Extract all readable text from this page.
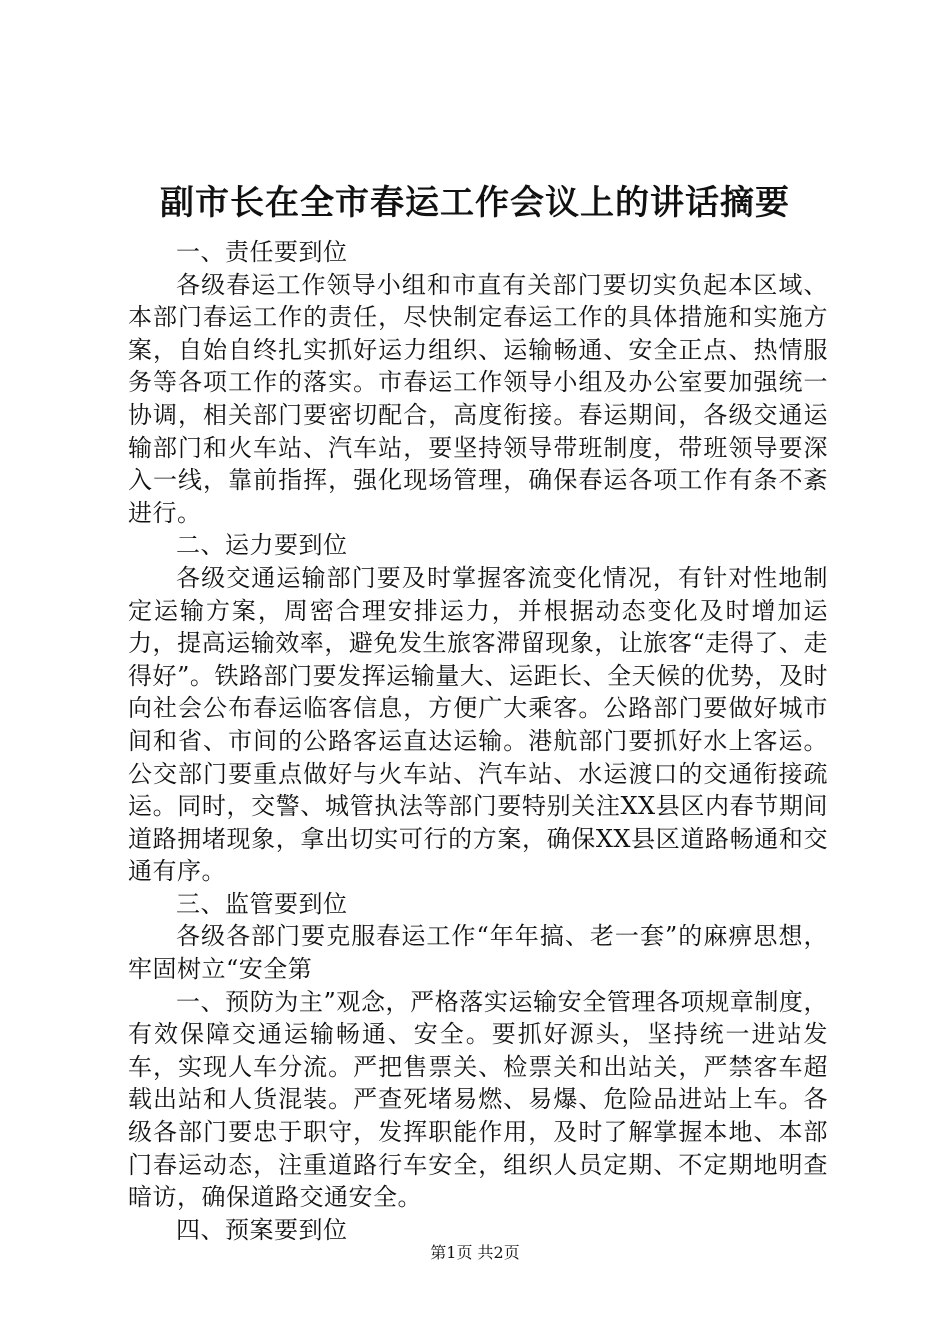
副市长在全市春运工作会议上的讲话摘要

一、责任要到位

各级春运工作领导小组和市直有关部门要切实负起本区域、本部门春运工作的责任，尽快制定春运工作的具体措施和实施方案，自始自终扎实抓好运力组织、运输畅通、安全正点、热情服务等各项工作的落实。市春运工作领导小组及办公室要加强统一协调，相关部门要密切配合，高度衔接。春运期间，各级交通运输部门和火车站、汽车站，要坚持领导带班制度，带班领导要深入一线，靠前指挥，强化现场管理，确保春运各项工作有条不紊进行。

二、运力要到位

各级交通运输部门要及时掌握客流变化情况，有针对性地制定运输方案，周密合理安排运力，并根据动态变化及时增加运力，提高运输效率，避免发生旅客滞留现象，让旅客“走得了、走得好”。铁路部门要发挥运输量大、运距长、全天候的优势，及时向社会公布春运临客信息，方便广大乘客。公路部门要做好城市间和省、市间的公路客运直达运输。港航部门要抓好水上客运。公交部门要重点做好与火车站、汽车站、水运渡口的交通衔接疏运。同时，交警、城管执法等部门要特别关注XX县区内春节期间道路拥堵现象，拿出切实可行的方案，确保XX县区道路畅通和交通有序。

三、监管要到位

各级各部门要克服春运工作“年年搞、老一套”的麻痹思想，牢固树立“安全第

一、预防为主”观念，严格落实运输安全管理各项规章制度，有效保障交通运输畅通、安全。要抓好源头，坚持统一进站发车，实现人车分流。严把售票关、检票关和出站关，严禁客车超载出站和人货混装。严查死堵易燃、易爆、危险品进站上车。各级各部门要忠于职守，发挥职能作用，及时了解掌握本地、本部门春运动态，注重道路行车安全，组织人员定期、不定期地明查暗访，确保道路交通安全。

四、预案要到位

第1页 共2页
